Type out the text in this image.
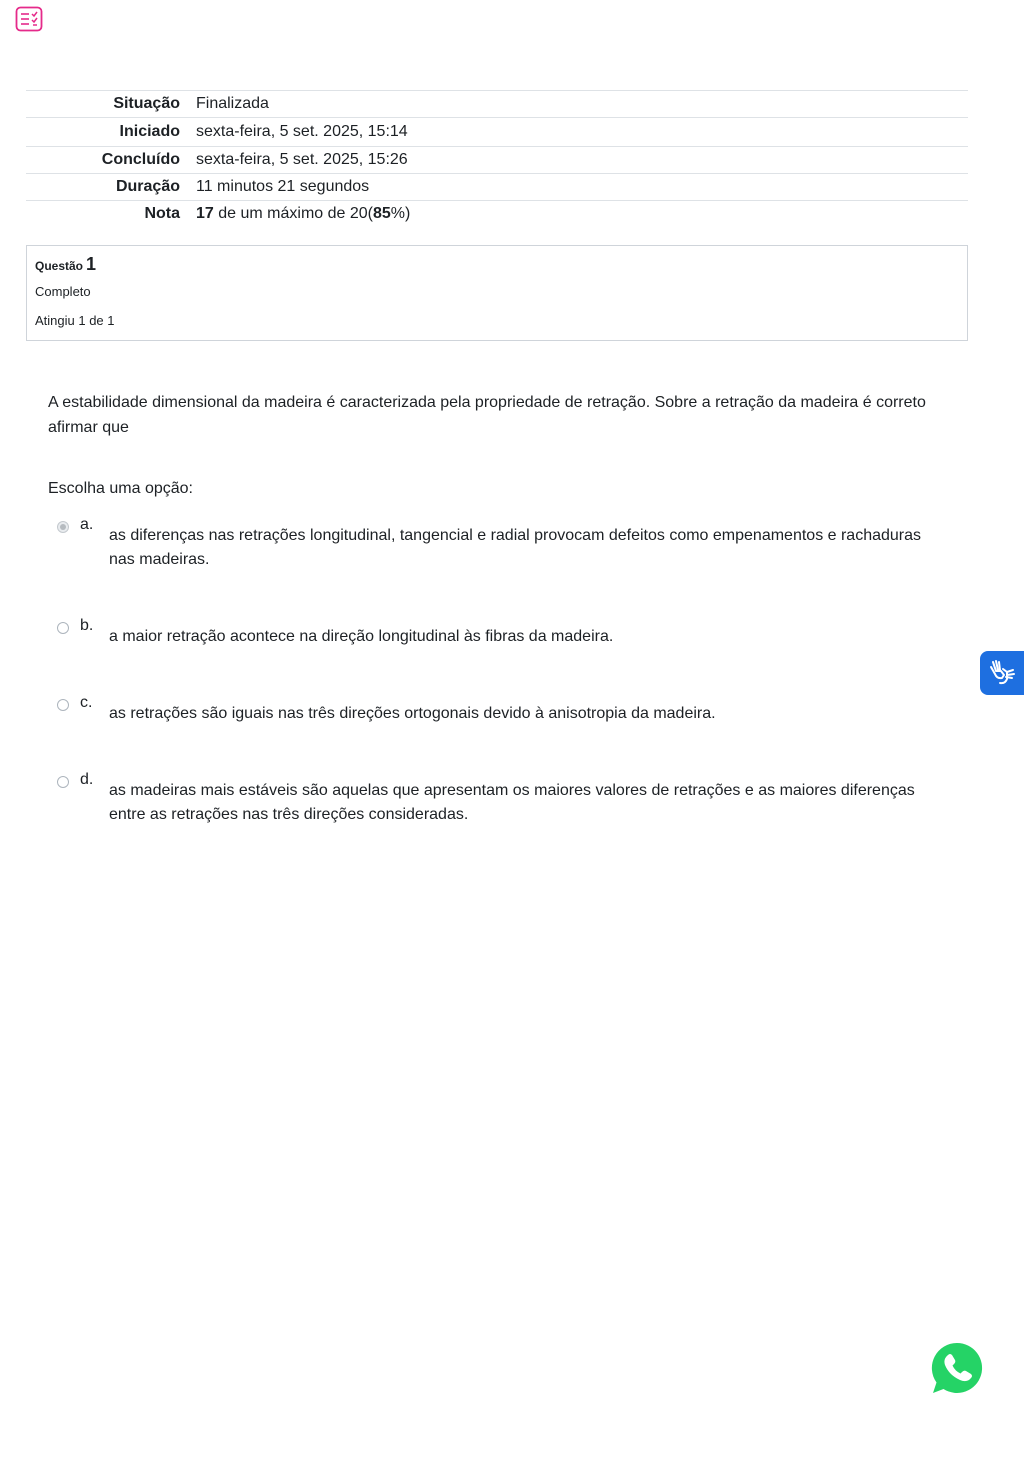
Situação	Finalizada
Iniciado	sexta-feira, 5 set. 2025, 15:14
Concluído	sexta-feira, 5 set. 2025, 15:26
Duração	11 minutos 21 segundos
Nota	17 de um máximo de 20(85%)
Questão 1
Completo
Atingiu 1 de 1
A estabilidade dimensional da madeira é caracterizada pela propriedade de retração. Sobre a retração da madeira é correto afirmar que
Escolha uma opção:
a.
as diferenças nas retrações longitudinal, tangencial e radial provocam defeitos como empenamentos e rachaduras nas madeiras.
b.
a maior retração acontece na direção longitudinal às fibras da madeira.
c.
as retrações são iguais nas três direções ortogonais devido à anisotropia da madeira.
d.
as madeiras mais estáveis são aquelas que apresentam os maiores valores de retrações e as maiores diferenças entre as retrações nas três direções consideradas.
